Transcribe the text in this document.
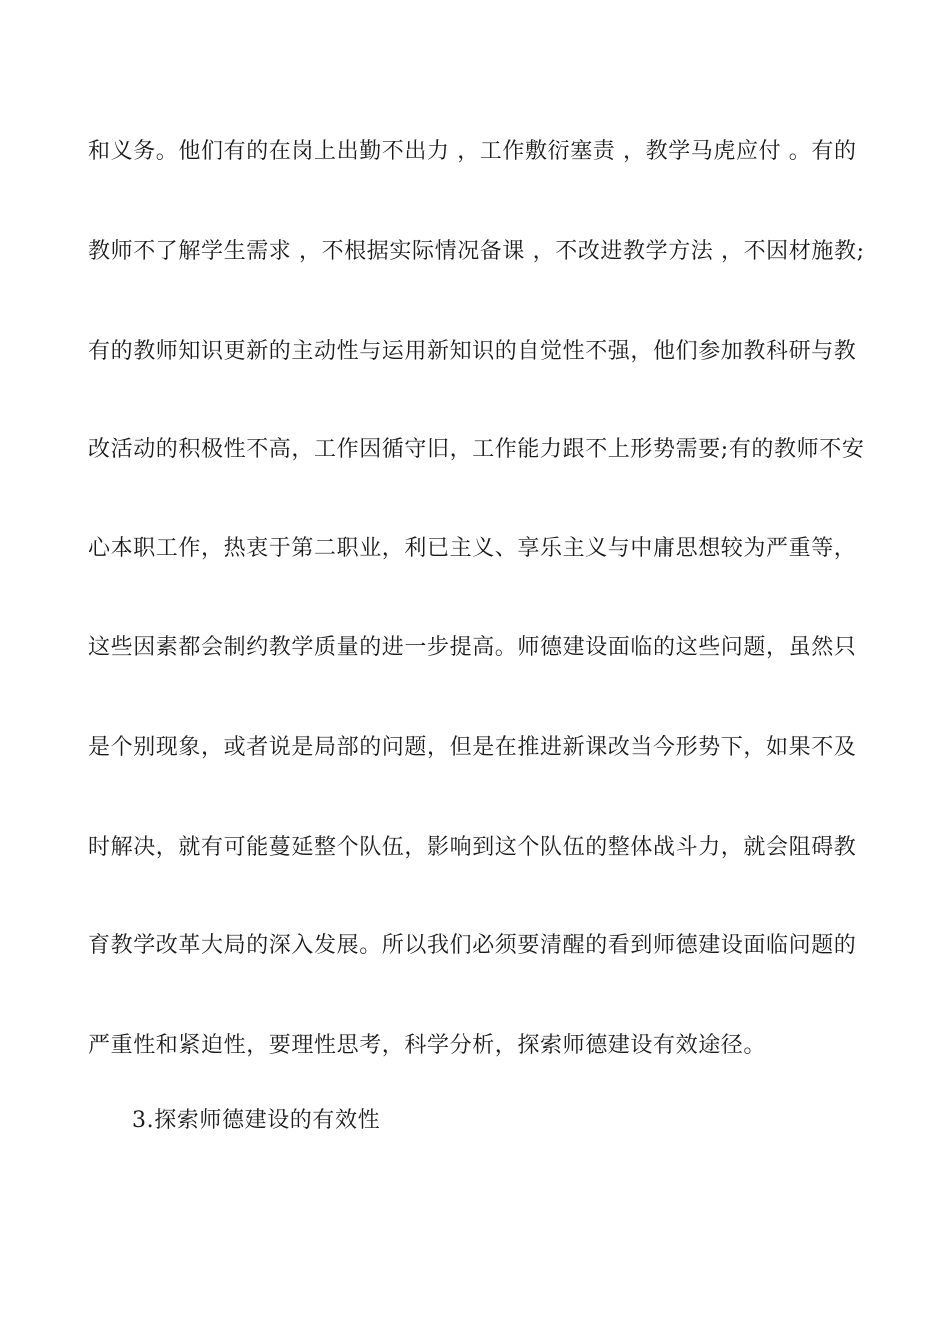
和义务。他们有的在岗上出勤不出力 ，工作敷衍塞责 ，教学马虎应付 。有的
教师不了解学生需求 ，不根据实际情况备课 ，不改进教学方法 ，不因材施教;
有的教师知识更新的主动性与运用新知识的自觉性不强，他们参加教科研与教
改活动的积极性不高，工作因循守旧，工作能力跟不上形势需要;有的教师不安
心本职工作，热衷于第二职业，利已主义、享乐主义与中庸思想较为严重等，
这些因素都会制约教学质量的进一步提高。师德建设面临的这些问题，虽然只
是个别现象，或者说是局部的问题，但是在推进新课改当今形势下，如果不及
时解决，就有可能蔓延整个队伍，影响到这个队伍的整体战斗力，就会阻碍教
育教学改革大局的深入发展。所以我们必须要清醒的看到师德建设面临问题的
严重性和紧迫性，要理性思考，科学分析，探索师德建设有效途径。
3.探索师德建设的有效性
